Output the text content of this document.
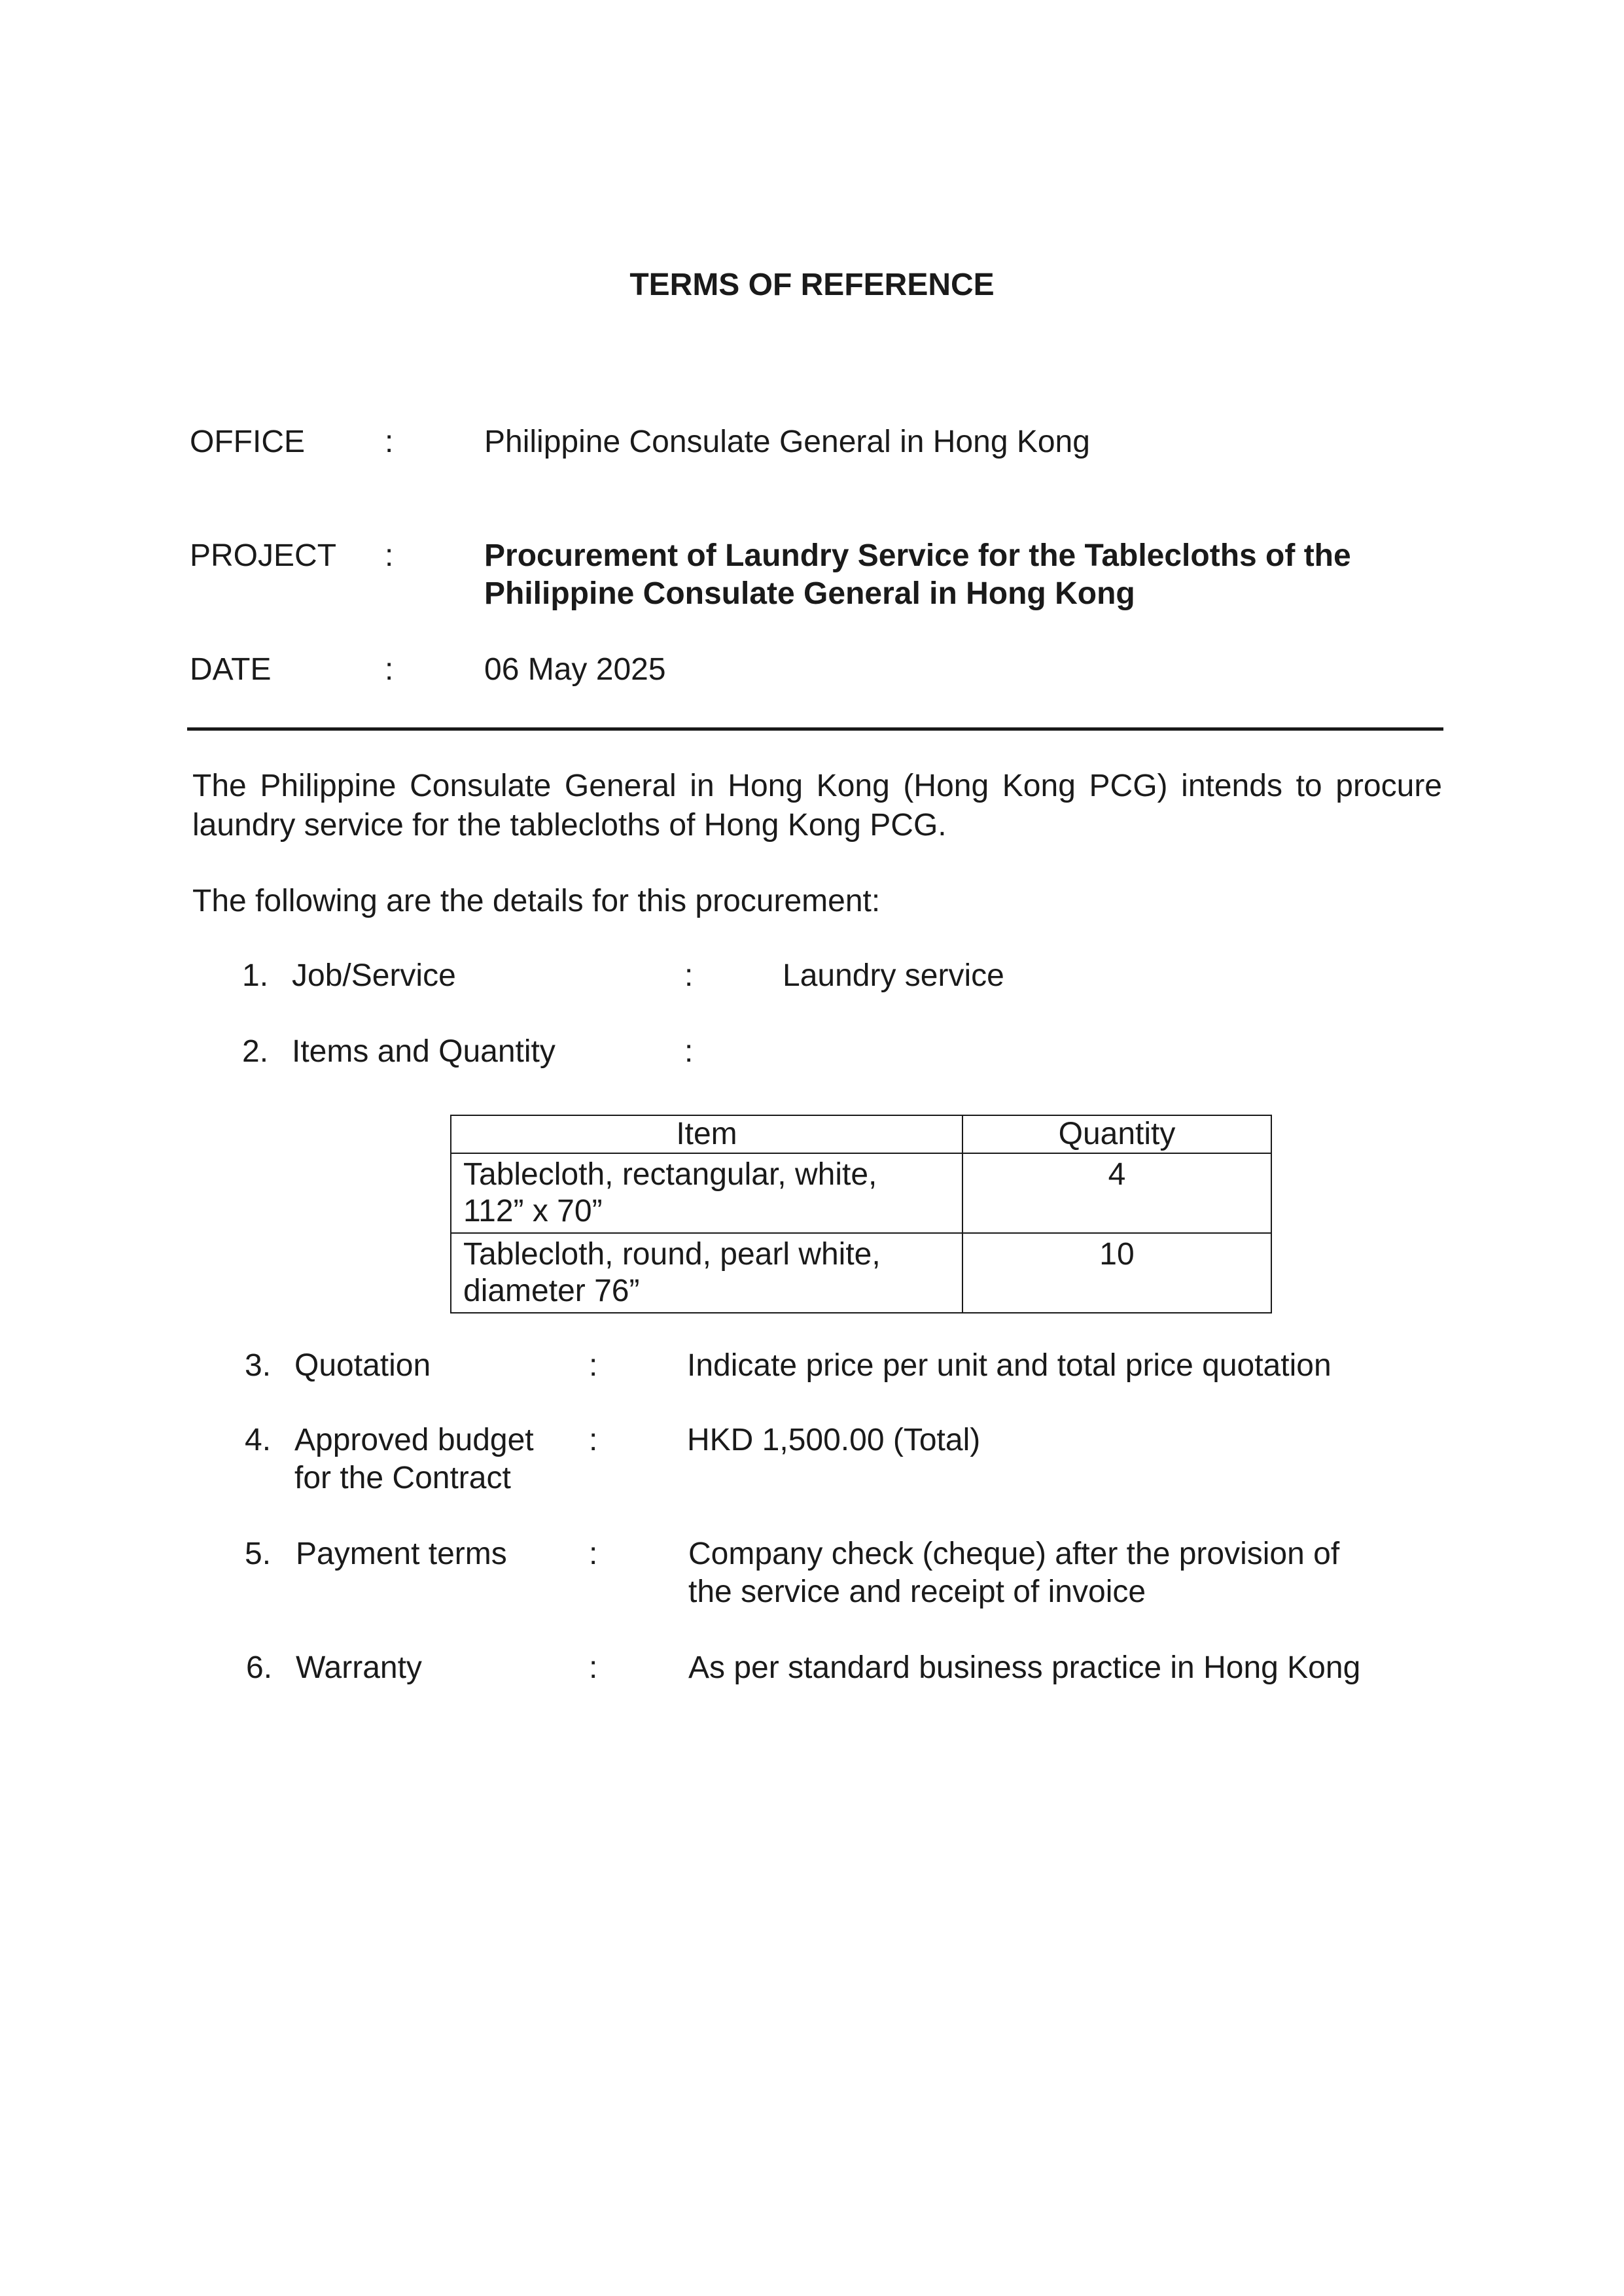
TERMS OF REFERENCE
OFFICE	:	Philippine Consulate General in Hong Kong
PROJECT :	Procurement of Laundry Service for the Tablecloths of the
Philippine Consulate General in Hong Kong
DATE	:	06 May 2025
The Philippine Consulate General in Hong Kong (Hong Kong PCG) intends to procure laundry service for the tablecloths of Hong Kong PCG.
The following are the details for this procurement:
1. Job/Service	:	Laundry service
2. Items and Quantity	:
Item	Quantity

Tablecloth, rectangular, white,
112” x 70”	4

Tablecloth, round, pearl white,
diameter 76”	10
3. Quotation	:	Indicate price per unit and total price quotation
4. Approved budget
for the Contract
:	HKD 1,500.00 (Total)
5. Payment terms	:	Company check (cheque) after the provision of
the service and receipt of invoice
6. Warranty	:	As per standard business practice in Hong Kong
